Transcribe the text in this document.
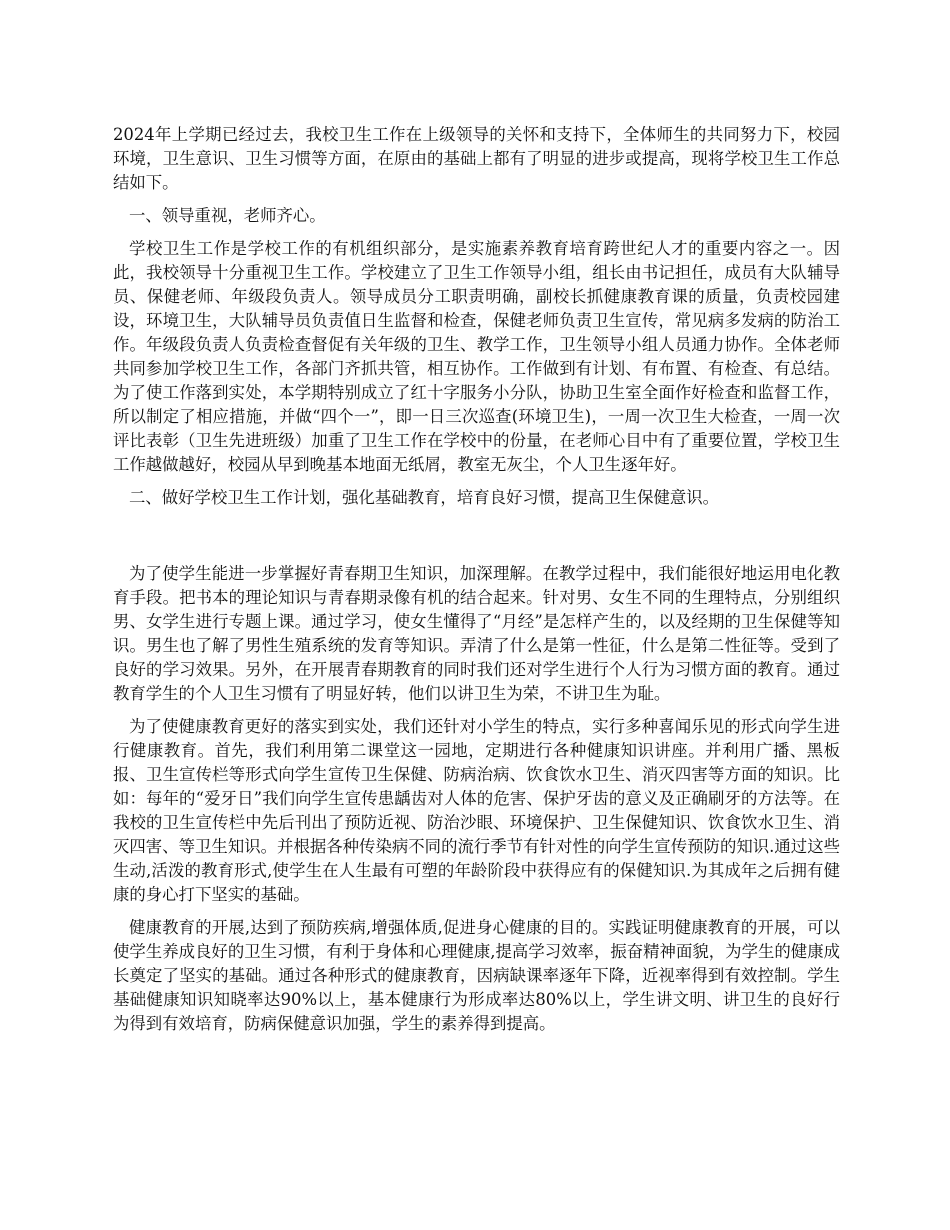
2024年上学期已经过去，我校卫生工作在上级领导的关怀和支持下，全体师生的共同努力下，校园环境，卫生意识、卫生习惯等方面，在原由的基础上都有了明显的进步或提高，现将学校卫生工作总结如下。

一、领导重视，老师齐心。

学校卫生工作是学校工作的有机组织部分，是实施素养教育培育跨世纪人才的重要内容之一。因此，我校领导十分重视卫生工作。学校建立了卫生工作领导小组，组长由书记担任，成员有大队辅导员、保健老师、年级段负责人。领导成员分工职责明确，副校长抓健康教育课的质量，负责校园建设，环境卫生，大队辅导员负责值日生监督和检查，保健老师负责卫生宣传，常见病多发病的防治工作。年级段负责人负责检查督促有关年级的卫生、教学工作，卫生领导小组人员通力协作。全体老师共同参加学校卫生工作，各部门齐抓共管，相互协作。工作做到有计划、有布置、有检查、有总结。为了使工作落到实处，本学期特别成立了红十字服务小分队，协助卫生室全面作好检查和监督工作，所以制定了相应措施，并做“四个一”，即一日三次巡查(环境卫生)，一周一次卫生大检查，一周一次评比表彰（卫生先进班级）加重了卫生工作在学校中的份量，在老师心目中有了重要位置，学校卫生工作越做越好，校园从早到晚基本地面无纸屑，教室无灰尘，个人卫生逐年好。

二、做好学校卫生工作计划，强化基础教育，培育良好习惯，提高卫生保健意识。

为了使学生能进一步掌握好青春期卫生知识，加深理解。在教学过程中，我们能很好地运用电化教育手段。把书本的理论知识与青春期录像有机的结合起来。针对男、女生不同的生理特点，分别组织男、女学生进行专题上课。通过学习，使女生懂得了“月经”是怎样产生的，以及经期的卫生保健等知识。男生也了解了男性生殖系统的发育等知识。弄清了什么是第一性征，什么是第二性征等。受到了良好的学习效果。另外，在开展青春期教育的同时我们还对学生进行个人行为习惯方面的教育。通过教育学生的个人卫生习惯有了明显好转，他们以讲卫生为荣，不讲卫生为耻。

为了使健康教育更好的落实到实处，我们还针对小学生的特点，实行多种喜闻乐见的形式向学生进行健康教育。首先，我们利用第二课堂这一园地，定期进行各种健康知识讲座。并利用广播、黑板报、卫生宣传栏等形式向学生宣传卫生保健、防病治病、饮食饮水卫生、消灭四害等方面的知识。比如：每年的“爱牙日”我们向学生宣传患龋齿对人体的危害、保护牙齿的意义及正确刷牙的方法等。在我校的卫生宣传栏中先后刊出了预防近视、防治沙眼、环境保护、卫生保健知识、饮食饮水卫生、消灭四害、等卫生知识。并根据各种传染病不同的流行季节有针对性的向学生宣传预防的知识.通过这些生动,活泼的教育形式,使学生在人生最有可塑的年龄阶段中获得应有的保健知识.为其成年之后拥有健康的身心打下坚实的基础。

健康教育的开展,达到了预防疾病,增强体质,促进身心健康的目的。实践证明健康教育的开展，可以使学生养成良好的卫生习惯，有利于身体和心理健康,提高学习效率，振奋精神面貌，为学生的健康成长奠定了坚实的基础。通过各种形式的健康教育，因病缺课率逐年下降，近视率得到有效控制。学生基础健康知识知晓率达90%以上，基本健康行为形成率达80%以上，学生讲文明、讲卫生的良好行为得到有效培育，防病保健意识加强，学生的素养得到提高。
